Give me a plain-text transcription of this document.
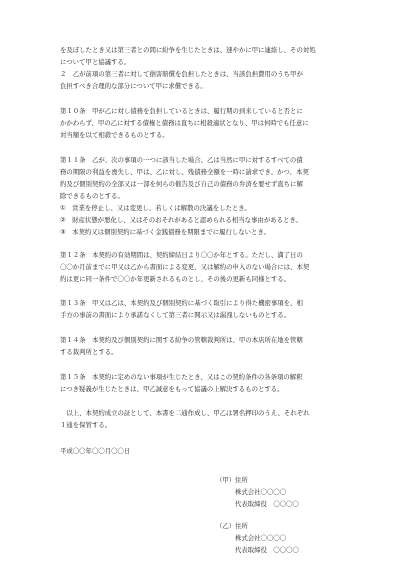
を及ぼしたとき又は第三者との間に紛争を生じたときは、速やかに甲に連絡し、その対処
について甲と協議する。
２　乙が前項の第三者に対して損害賠償を負担したときは、当該負担費用のうち甲が
負担すべき合理的な部分について甲に求償できる。
第１０条　甲が乙に対し債務を負担しているときは、履行期の到来していると否とに
かかわらず、甲の乙に対する債権と債務は直ちに相殺適状となり、甲は何時でも任意に
対当額を以て相殺できるものとする。
第１１条　乙が、次の事項の一つに該当した場合、乙は当然に甲に対するすべての債
務の期限の利益を喪失し、甲は、乙に対し、残債務全額を一時に請求でき、かつ、本契
約及び個別契約の全部又は一部を何らの催告及び自己の債務の弁済を要せず直ちに解
除できるものとする。
①　営業を停止し、又は変更し、若しくは解散の決議をしたとき。
②　財産状態が悪化し、又はそのおそれがあると認められる相当な事由があるとき。
③　本契約又は個別契約に基づく金銭債務を期限までに履行しないとき。
第１２条　本契約の有効期間は、契約締結日より〇〇か年とする。ただし、満了日の
〇〇か月前までに甲又は乙から書面による変更、又は解約の申入のない場合には、本契
約は更に同一条件で〇〇か年更新されるものとし、その後の更新も同様とする。
第１３条　甲又は乙は、本契約及び個別契約に基づく取引により得た機密事項を、相
手方の事前の書面により承諾なくして第三者に開示又は漏洩しないものとする。
第１４条　本契約及び個別契約に関する紛争の管轄裁判所は、甲の本店所在地を管轄
する裁判所とする。
第１５条　本契約に定めのない事項が生じたとき、又はこの契約条件の各条項の解釈
につき疑義が生じたときは、甲乙誠意をもって協議の上解決するものとする。
　以上、本契約成立の証として、本書を二通作成し、甲乙は署名押印のうえ、それぞれ
１通を保管する。
平成〇〇年〇〇月〇〇日
（甲） 住所
株式会社〇〇〇〇
代表取締役　〇〇〇〇
（乙） 住所
株式会社〇〇〇〇
代表取締役　〇〇〇〇
